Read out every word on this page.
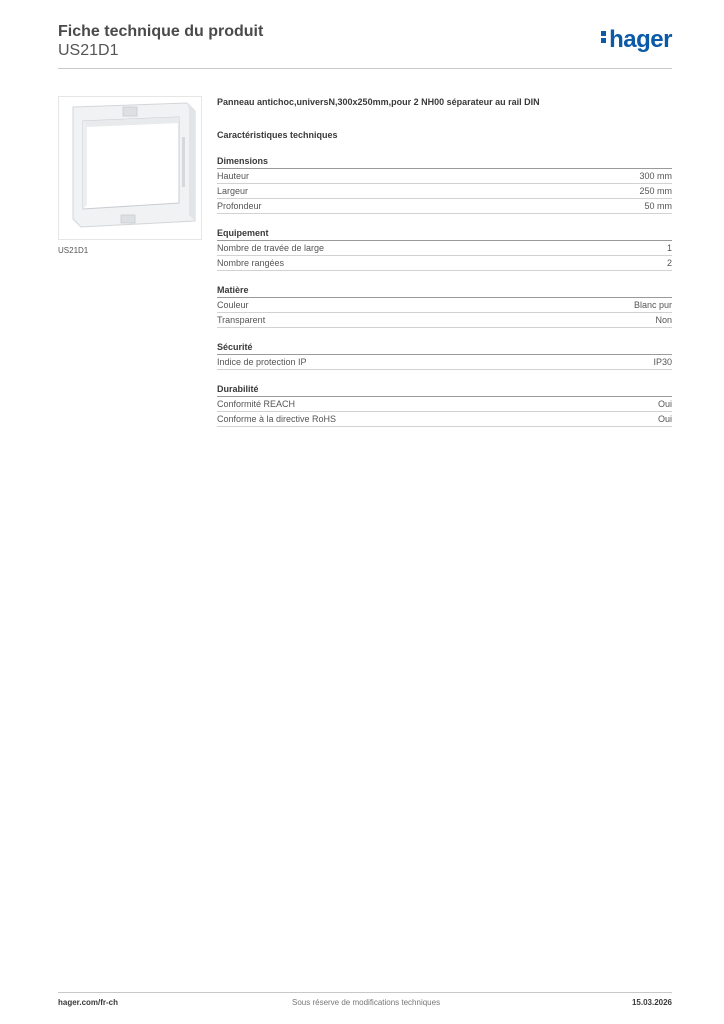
Fiche technique du produit
US21D1	hager
US21D1
Panneau antichoc,universN,300x250mm,pour 2 NH00 séparateur au rail DIN
Caractéristiques techniques
Dimensions
Hauteur	300 mm
Largeur	250 mm
Profondeur	50 mm
Equipement
Nombre de travée de large	1
Nombre rangées	2
Matière
Couleur	Blanc pur
Transparent	Non
Sécurité
Indice de protection IP	IP30
Durabilité
Conformité REACH	Oui
Conforme à la directive RoHS	Oui
hager.com/fr-ch	Sous réserve de modifications techniques	15.03.2026
